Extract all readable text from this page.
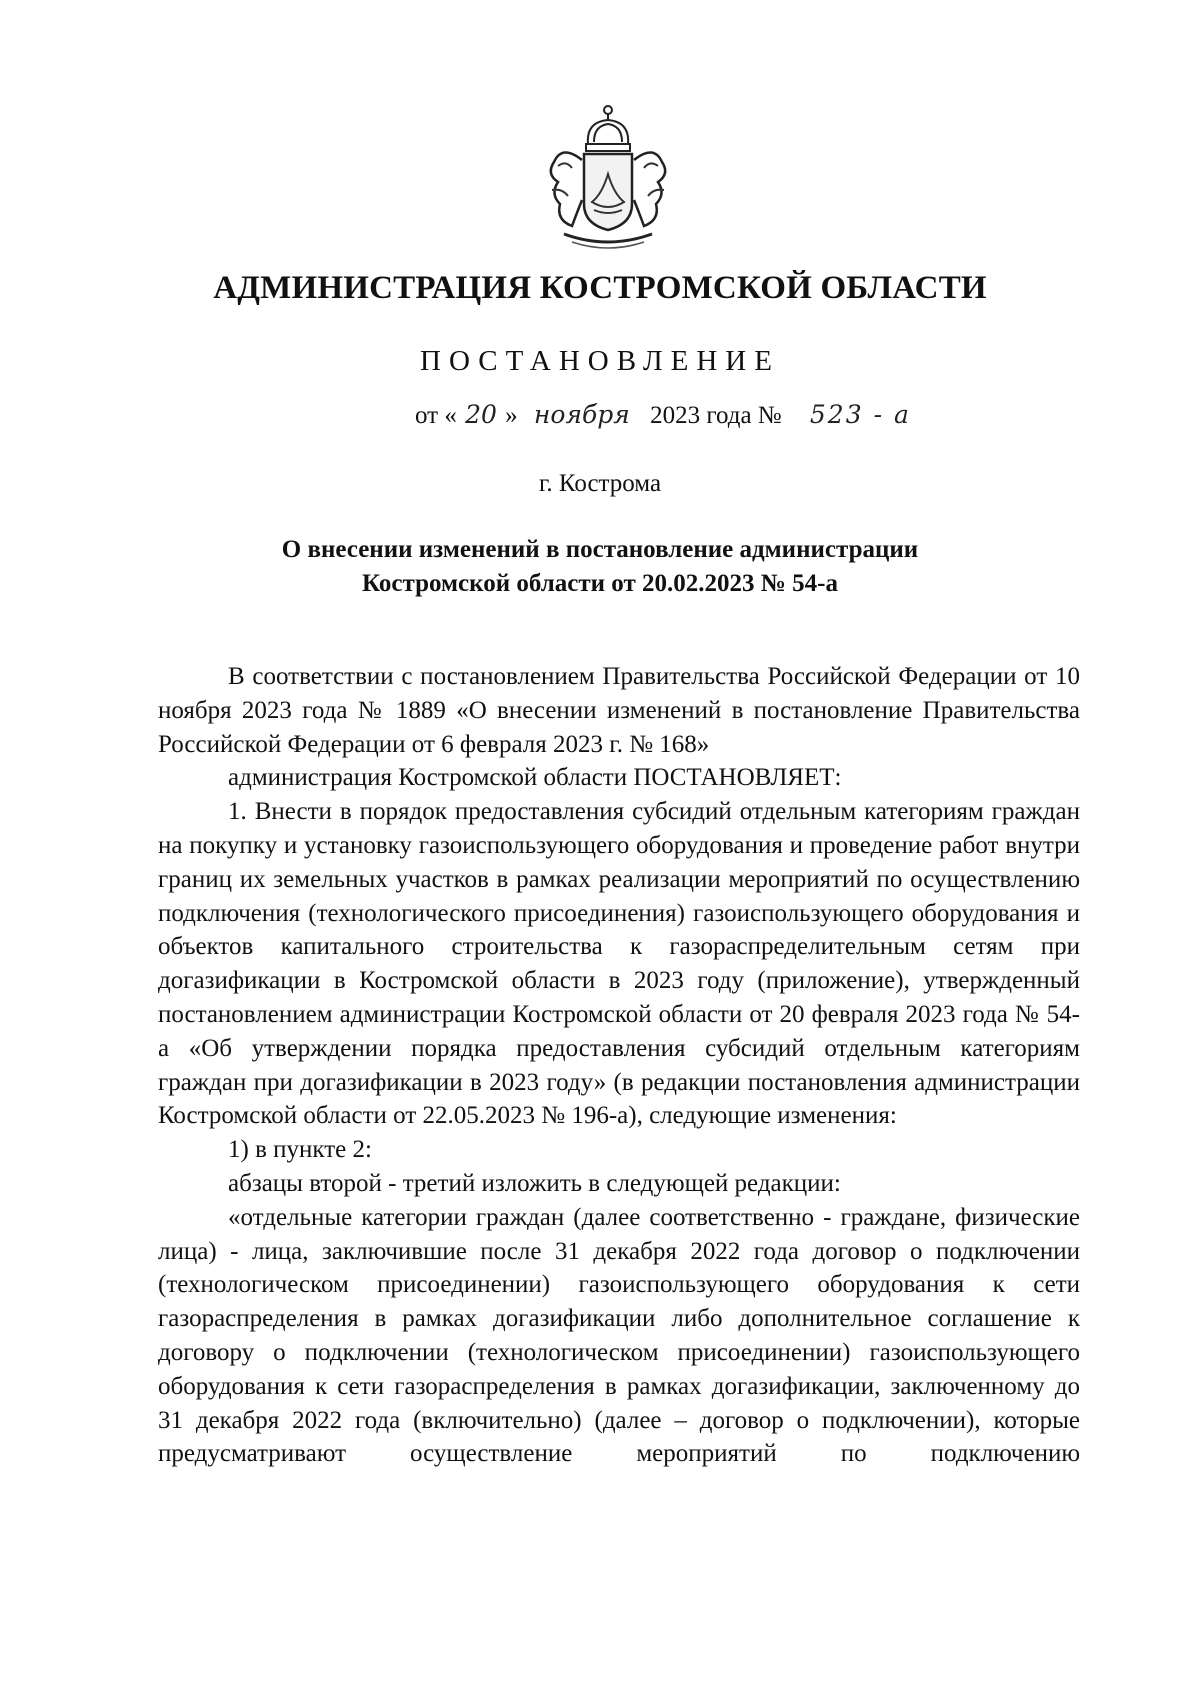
АДМИНИСТРАЦИЯ КОСТРОМСКОЙ ОБЛАСТИ
ПОСТАНОВЛЕНИЕ
от « 20 » ноября 2023 года № 523 - а
г. Кострома
О внесении изменений в постановление администрации
Костромской области от 20.02.2023 № 54-а

В соответствии с постановлением Правительства Российской Федерации от 10 ноября 2023 года № 1889 «О внесении изменений в постановление Правительства Российской Федерации от 6 февраля 2023 г. № 168»

администрация Костромской области ПОСТАНОВЛЯЕТ:

1. Внести в порядок предоставления субсидий отдельным категориям граждан на покупку и установку газоиспользующего оборудования и проведение работ внутри границ их земельных участков в рамках реализации мероприятий по осуществлению подключения (технологического присоединения) газоиспользующего оборудования и объектов капитального строительства к газораспределительным сетям при догазификации в Костромской области в 2023 году (приложение), утвержденный постановлением администрации Костромской области от 20 февраля 2023 года № 54-а «Об утверждении порядка предоставления субсидий отдельным категориям граждан при догазификации в 2023 году» (в редакции постановления администрации Костромской области от 22.05.2023 № 196-а), следующие изменения:

1) в пункте 2:

абзацы второй - третий изложить в следующей редакции:

«отдельные категории граждан (далее соответственно - граждане, физические лица) - лица, заключившие после 31 декабря 2022 года договор о подключении (технологическом присоединении) газоиспользующего оборудования к сети газораспределения в рамках догазификации либо дополнительное соглашение к договору о подключении (технологическом присоединении) газоиспользующего оборудования к сети газораспределения в рамках догазификации, заключенному до 31 декабря 2022 года (включительно) (далее – договор о подключении), которые предусматривают осуществление мероприятий по подключению
